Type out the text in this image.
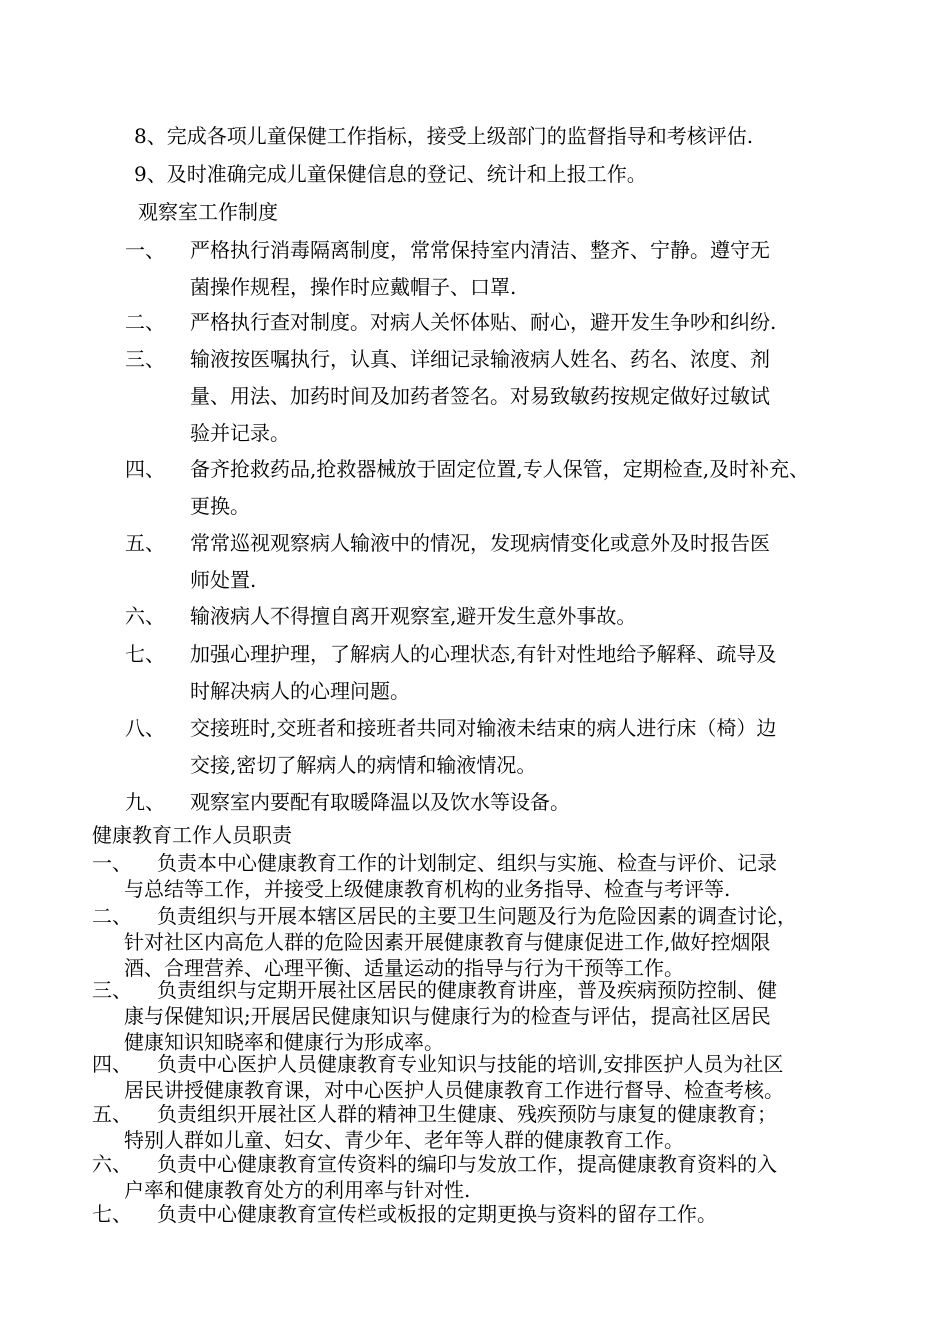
8、完成各项儿童保健工作指标，接受上级部门的监督指导和考核评估.
9、及时准确完成儿童保健信息的登记、统计和上报工作。
观察室工作制度
一、 严格执行消毒隔离制度，常常保持室内清洁、整齐、宁静。遵守无
菌操作规程，操作时应戴帽子、口罩.
二、 严格执行查对制度。对病人关怀体贴、耐心，避开发生争吵和纠纷.
三、 输液按医嘱执行，认真、详细记录输液病人姓名、药名、浓度、剂
量、用法、加药时间及加药者签名。对易致敏药按规定做好过敏试
验并记录。
四、 备齐抢救药品,抢救器械放于固定位置,专人保管，定期检查,及时补充、
更换。
五、 常常巡视观察病人输液中的情况，发现病情变化或意外及时报告医
师处置.
六、 输液病人不得擅自离开观察室,避开发生意外事故。
七、 加强心理护理，了解病人的心理状态,有针对性地给予解释、疏导及
时解决病人的心理问题。
八、 交接班时,交班者和接班者共同对输液未结束的病人进行床（椅）边
交接,密切了解病人的病情和输液情况。
九、 观察室内要配有取暖降温以及饮水等设备。
健康教育工作人员职责
一、 负责本中心健康教育工作的计划制定、组织与实施、检查与评价、记录
与总结等工作，并接受上级健康教育机构的业务指导、检查与考评等.
二、 负责组织与开展本辖区居民的主要卫生问题及行为危险因素的调查讨论，
针对社区内高危人群的危险因素开展健康教育与健康促进工作,做好控烟限
酒、合理营养、心理平衡、适量运动的指导与行为干预等工作。
三、 负责组织与定期开展社区居民的健康教育讲座，普及疾病预防控制、健
康与保健知识;开展居民健康知识与健康行为的检查与评估，提高社区居民
健康知识知晓率和健康行为形成率。
四、 负责中心医护人员健康教育专业知识与技能的培训,安排医护人员为社区
居民讲授健康教育课，对中心医护人员健康教育工作进行督导、检查考核。
五、 负责组织开展社区人群的精神卫生健康、残疾预防与康复的健康教育；
特别人群如儿童、妇女、青少年、老年等人群的健康教育工作。
六、 负责中心健康教育宣传资料的编印与发放工作，提高健康教育资料的入
户率和健康教育处方的利用率与针对性.
七、 负责中心健康教育宣传栏或板报的定期更换与资料的留存工作。
